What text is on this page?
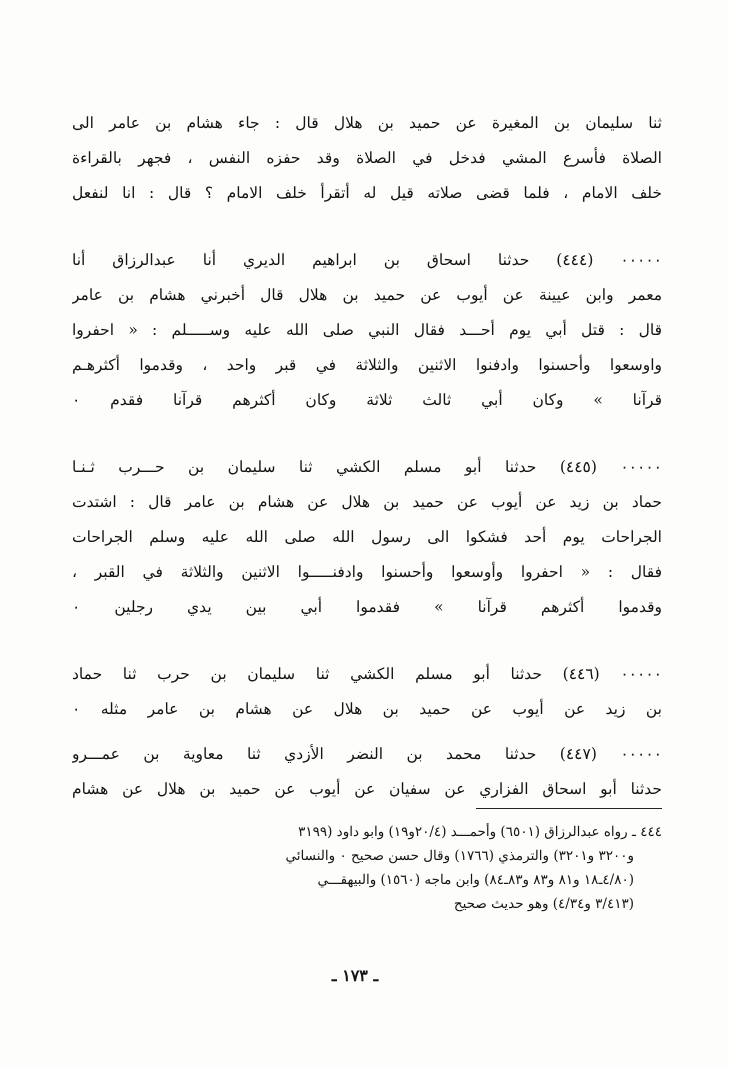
ثنا سليمان بن المغيرة عن حميد بن هلال قال : جاء هشام بن عامر الى
الصلاة فأسرع المشي فدخل في الصلاة وقد حفزه النفس ، فجهر بالقراءة
خلف الامام ، فلما قضى صلاته قيل له أتقرأ خلف الامام ؟ قال : انا لنفعل
٠٠٠٠٠ (٤٤٤) حدثنا اسحاق بن ابراهيم الديري أنا عبدالرزاق أنا
معمر وابن عيينة عن أيوب عن حميد بن هلال قال أخبرني هشام بن عامر
قال : قتل أبي يوم أحـــد فقال النبي صلى الله عليه وســـــلم : « احفروا
واوسعوا وأحسنوا وادفنوا الاثنين والثلاثة في قبر واحد ، وقدموا أكثرهـم
قرآنا » وكان أبي ثالث ثلاثة وكان أكثرهم قرآنا فقدم ٠
٠٠٠٠٠ (٤٤٥) حدثنا أبو مسلم الكشي ثنا سليمان بن حـــرب ثـنـا
حماد بن زيد عن أيوب عن حميد بن هلال عن هشام بن عامر قال : اشتدت
الجراحات يوم أحد فشكوا الى رسول الله صلى الله عليه وسلم الجراحات
فقال : « احفروا وأوسعوا وأحسنوا وادفنـــــوا الاثنين والثلاثة في القبر ،
وقدموا أكثرهم قرآنا » فقدموا أبي بين يدي رجلين ٠
٠٠٠٠٠ (٤٤٦) حدثنا أبو مسلم الكشي ثنا سليمان بن حرب ثنا حماد
بن زيد عن أيوب عن حميد بن هلال عن هشام بن عامر مثله ٠
٠٠٠٠٠ (٤٤٧) حدثنا محمد بن النضر الأزدي ثنا معاوية بن عمـــرو
حدثنا أبو اسحاق الفزاري عن سفيان عن أيوب عن حميد بن هلال عن هشام
٤٤٤ ـ رواه عبدالرزاق (٦٥٠١) وأحمـــد (٢٠/٤و١٩) وابو داود (٣١٩٩
و٣٢٠٠ و٣٢٠١) والترمذي (١٧٦٦) وقال حسن صحيح ٠ والنسائي
(٤/٨٠ـ١٨ و٨١ و٨٣ و٨٣ـ٨٤) وابن ماجه (١٥٦٠) والبيهقـــي
(٣/٤١٣ و٤/٣٤) وهو حديث صحيح
ـ ١٧٣ ـ
